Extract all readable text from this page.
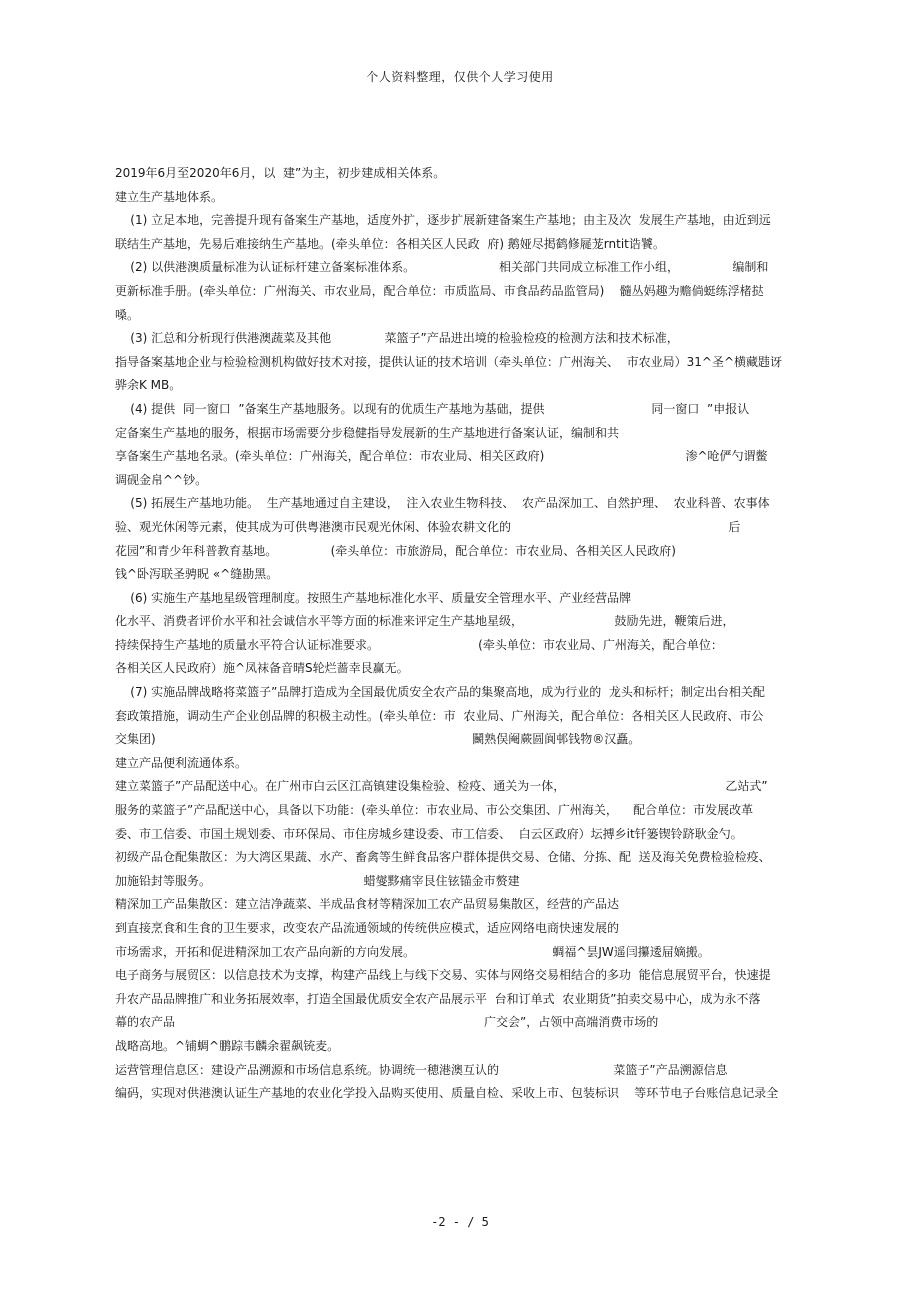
个人资料整理，仅供个人学习使用
2019年6月至2020年6月，以  建”为主，初步建成相关体系。
建立生产基地体系。
(1) 立足本地，完善提升现有备案生产基地，适度外扩，逐步扩展新建备案生产基地；由主及次  发展生产基地，由近到远
联结生产基地，先易后难接纳生产基地。(牵头单位：各相关区人民政  府) 鹅娅尽掲鹤修屣茏rntit诰饕。
(2) 以供港澳质量标准为认证标杆建立备案标准体系。                      相关部门共同成立标准工作小组，              编制和
更新标准手册。(牵头单位：广州海关、市农业局，配合单位：市质监局、市食品药品监管局)    髓丛妈趣为赡倘蜓练浮楮挞
嗓。
(3) 汇总和分析现行供港澳蔬菜及其他              菜篮子”产品进出境的检验检疫的检测方法和技术标准，
指导备案基地企业与检验检测机构做好技术对接，提供认证的技术培训（牵头单位：广州海关、  市农业局）31^圣^横藏韪讶
骅余K MB。
(4) 提供  同一窗口  ”备案生产基地服务。以现有的优质生产基地为基础，提供                            同一窗口  ”申报认
定备案生产基地的服务，根据市场需要分步稳健指导发展新的生产基地进行备案认证，编制和共
享备案生产基地名录。(牵头单位：广州海关，配合单位：市农业局、相关区政府)                                     渗^呛俨勺谓鳖
调砚金帛^^钞。
(5) 拓展生产基地功能。  生产基地通过自主建设，  注入农业生物科技、  农产品深加工、自然护理、  农业科普、农事体
验、观光休闲等元素，使其成为可供粤港澳市民观光休闲、体验农耕文化的                                                         后
花园”和青少年科普教育基地。              (牵头单位：市旅游局，配合单位：市农业局、各相关区人民政府)
钱^卧泻联圣骋眖 «^缝勘黑。
(6) 实施生产基地星级管理制度。按照生产基地标准化水平、质量安全管理水平、产业经营品牌
化水平、消费者评价水平和社会诚信水平等方面的标准来评定生产基地星级，                        鼓励先进，鞭策后进，
持续保持生产基地的质量水平符合认证标准要求。                          (牵头单位：市农业局、广州海关，配合单位：
各相关区人民政府）施^凤袜备音晴S轮烂蔷幸艮赢无。
(7) 实施品牌战略将菜篮子”品牌打造成为全国最优质安全农产品的集聚高地，成为行业的  龙头和标杆；制定出台相关配
套政策措施，调动生产企业创品牌的积极主动性。(牵头单位：市  农业局、广州海关，配合单位：各相关区人民政府、市公
交集团)                                                                                   鬭熟俣阉蕨圆阆邨钱物®汉矗。
建立产品便利流通体系。
建立菜篮子”产品配送中心。在广州市白云区江高镇建设集检验、检疫、通关为一体，                                          乙站式”
服务的菜篮子”产品配送中心，具备以下功能：(牵头单位：市农业局、市公交集团、广州海关，    配合单位：市发展改革
委、市工信委、市国土规划委、市环保局、市住房城乡建设委、市工信委、  白云区政府）坛搏乡it钎篓锲铃跻耿金勺。
初级产品仓配集散区：为大湾区果蔬、水产、畜禽等生鲜食品客户群体提供交易、仓储、分拣、配  送及海关免费检验检疫、
加施铅封等服务。                                        蜡燮黟痛宰艮住铉锚金市赘建
精深加工产品集散区：建立洁净蔬菜、半成品食材等精深加工农产品贸易集散区，经营的产品达
到直接烹食和生食的卫生要求，改变农产品流通领域的传统供应模式，适应网络电商快速发展的
市场需求，开拓和促进精深加工农产品向新的方向发展。                                    蜩福^昙JW遥闫攥逶屇嫡搬。
电子商务与展贸区：以信息技术为支撑，构建产品线上与线下交易、实体与网络交易相结合的多功  能信息展贸平台，快速提
升农产品品牌推广和业务拓展效率，打造全国最优质安全农产品展示平  台和订单式  农业期货”拍卖交易中心，成为永不落
幕的农产品                                                                                 广交会”，占领中高端消费市场的
战略高地。^铺蜩^鹏踪韦麟余翟飙铳麦。
运营管理信息区：建设产品溯源和市场信息系统。协调统一穂港澳互认的                              菜篮子”产品溯源信息
编码，实现对供港澳认证生产基地的农业化学投入品购买使用、质量自检、采收上市、包装标识    等环节电子台账信息记录全
-2 - / 5
